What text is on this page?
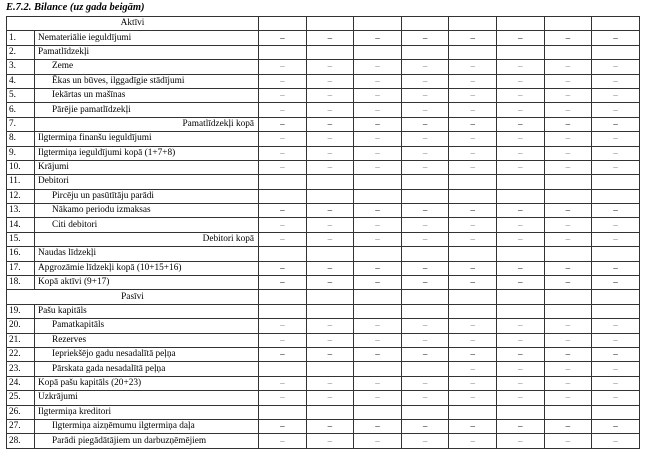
E.7.2. Bilance (uz gada beigām)
Aktīvi									
1.	Nemateriālie ieguldījumi	–	–	–	–	–	–	–	–
2.	Pamatlīdzekļi								
3.	Zeme	–	–	–	–	–	–	–	–
4.	Ēkas un būves, ilggadīgie stādījumi	–	–	–	–	–	–	–	–
5.	Iekārtas un mašīnas	–	–	–	–	–	–	–	–
6.	Pārējie pamatlīdzekļi	–	–	–	–	–	–	–	–
7.	Pamatlīdzekļi kopā	–	–	–	–	–	–	–	–
8.	Ilgtermiņa finanšu ieguldījumi	–	–	–	–	–	–	–	–
9.	Ilgtermiņa ieguldījumi kopā (1+7+8)	–	–	–	–	–	–	–	–
10.	Krājumi	–	–	–	–	–	–	–	–
11.	Debitori								
12.	Pircēju un pasūtītāju parādi								
13.	Nākamo periodu izmaksas	–	–	–	–	–	–	–	–
14.	Citi debitori	–	–	–	–	–	–	–	–
15.	Debitori kopā	–	–	–	–	–	–	–	–
16.	Naudas līdzekļi								
17.	Apgrozāmie līdzekļi kopā (10+15+16)	–	–	–	–	–	–	–	–
18.	Kopā aktīvi (9+17)	–	–	–	–	–	–	–	–
Pasīvi									
19.	Pašu kapitāls								
20.	Pamatkapitāls	–	–	–	–	–	–	–	–
21.	Rezerves	–	–	–	–	–	–	–	–
22.	Iepriekšējo gadu nesadalītā peļņa	–	–	–	–	–	–	–	–
23.	Pārskata gada nesadalītā peļņa					–	–	–	–
24.	Kopā pašu kapitāls (20+23)	–	–	–	–	–	–	–	–
25.	Uzkrājumi	–	–	–	–	–	–	–	–
26.	Ilgtermiņa kreditori								
27.	Ilgtermiņa aizņēmumu ilgtermiņa daļa	–	–	–	–	–	–	–	–
28.	Parādi piegādātājiem un darbuzņēmējiem	–	–	–	–	–	–	–	–
